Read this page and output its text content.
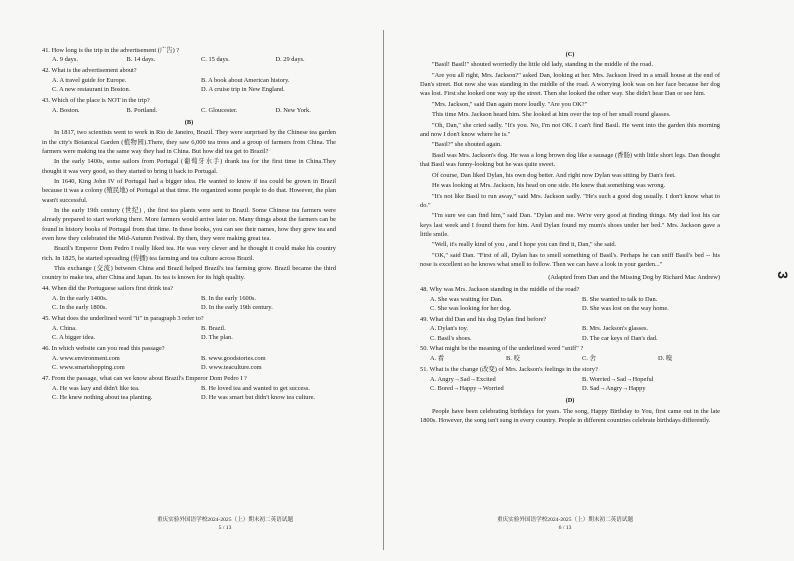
41. How long is the trip in the advertisement (广告) ?

A. 9 days.	B. 14 days.	C. 15 days.	D. 29 days.

42. What is the advertisement about?

A. A travel guide for Europe.	B. A book about American history.
C. A new restaurant in Boston.	D. A cruise trip in New England.

43. Which of the place is NOT in the trip?

A. Boston.	B. Portland.	C. Gloucester.	D. New York.
(B)

In 1817, two scientists went to work in Rio de Janeiro, Brazil. They were surprised by the Chinese tea garden in the city's Botanical Garden (植物园).There, they saw 6,000 tea trees and a group of farmers from China. The farmers were making tea the same way they had in China. But how did tea get to Brazil?

In the early 1400s, some sailors from Portugal (葡萄牙水手) drank tea for the first time in China.They thought it was very good, so they started to bring it back to Portugal.

In 1640, King John IV of Portugal had a bigger idea. He wanted to know if tea could be grown in Brazil because it was a colony (殖民地) of Portugal at that time. He organized some people to do that. However, the plan wasn't successful.

In the early 19th century (世纪) , the first tea plants were sent to Brazil. Some Chinese tea farmers were already prepared to start working there. More farmers would arrive later on. Many things about the farmers can be found in history books of Portugal from that time. In these books, you can see their names, how they grew tea and even how they celebrated the Mid-Autumn Festival. By then, they were making great tea.

Brazil's Emperor Dom Pedro I really liked tea. He was very clever and he thought it could make his country rich. In 1825, he started spreading (传播) tea farming and tea culture across Brazil.

This exchange (交流) between China and Brazil helped Brazil's tea farming grow. Brazil became the third country to make tea, after China and Japan. Its tea is known for its high quality.

44. When did the Portuguese sailors first drink tea?

A. In the early 1400s.	B. In the early 1600s.
C. In the early 1800s.	D. In the early 19th century.

45. What does the underlined word "it" in paragraph 3 refer to?

A. China.	B. Brazil.
C. A bigger idea.	D. The plan.

46. In which website can you read this passage?

A. www.environment.com	B. www.goodstories.com
C. www.smartshopping.com	D. www.teaculture.com

47. From the passage, what can we know about Brazil's Emperor Dom Pedro I ?

A. He was lazy and didn't like tea.	B. He loved tea and wanted to get success.
C. He knew nothing about tea planting.	D. He was smart but didn't know tea culture.
重庆实验外国语学校2024-2025（上）期末初二英语试题
5 / 13
(C)

"Basil! Basil!" shouted worriedly the little old lady, standing in the middle of the road.

"Are you all right, Mrs. Jackson?" asked Dan, looking at her. Mrs. Jackson lived in a small house at the end of Dan's street. But now she was standing in the middle of the road. A worrying look was on her face because her dog was lost. First she looked one way up the street. Then she looked the other way. She didn't hear Dan or see him.

"Mrs. Jackson," said Dan again more loudly. "Are you OK?"

This time Mrs. Jackson heard him. She looked at him over the top of her small round glasses.

"Oh, Dan," she cried sadly. "It's you. No, I'm not OK. I can't find Basil. He went into the garden this morning and now I don't know where he is."

"Basil?" she shouted again.

Basil was Mrs. Jackson's dog. He was a long brown dog like a sausage (香肠) with little short legs. Dan thought that Basil was funny-looking but he was quite sweet.

Of course, Dan liked Dylan, his own dog better. And right now Dylan was sitting by Dan's feet.

He was looking at Mrs. Jackson, his head on one side. He knew that something was wrong.

"It's not like Basil to run away," said Mrs. Jackson sadly. "He's such a good dog usually. I don't know what to do."

"I'm sure we can find him," said Dan. "Dylan and me. We're very good at finding things. My dad lost his car keys last week and I found them for him. And Dylan found my mum's shoes under her bed." Mrs. Jackson gave a little smile.

"Well, it's really kind of you , and I hope you can find it, Dan," she said.

"OK," said Dan. "First of all, Dylan has to smell something of Basil's. Perhaps he can sniff Basil's bed -- his nose is excellent so he knows what smell to follow. Then we can have a look in your garden..."

(Adapted from Dan and the Missing Dog by Richard Mac Andrew)

48. Why was Mrs. Jackson standing in the middle of the road?

A. She was waiting for Dan.	B. She wanted to talk to Dan.
C. She was looking for her dog.	D. She was lost on the way home.

49. What did Dan and his dog Dylan find before?

A. Dylan's toy.	B. Mrs. Jackson's glasses.
C. Basil's shoes.	D. The car keys of Dan's dad.

50. What might be the meaning of the underlined word "sniff" ?

A. 看	B. 咬	C. 舍	D. 嗅

51. What is the change (改变) of Mrs. Jackson's feelings in the story?

A. Angry→Sad→Excited	B. Worried→Sad→Hopeful
C. Bored→Happy→Worried	D. Sad→Angry→Happy
(D)

People have been celebrating birthdays for years. The song, Happy Birthday to You, first came out in the late 1800s. However, the song isn't sung in every country. People in different countries celebrate birthdays differently.

重庆实验外国语学校2024-2025（上）期末初二英语试题
6 / 13
3
